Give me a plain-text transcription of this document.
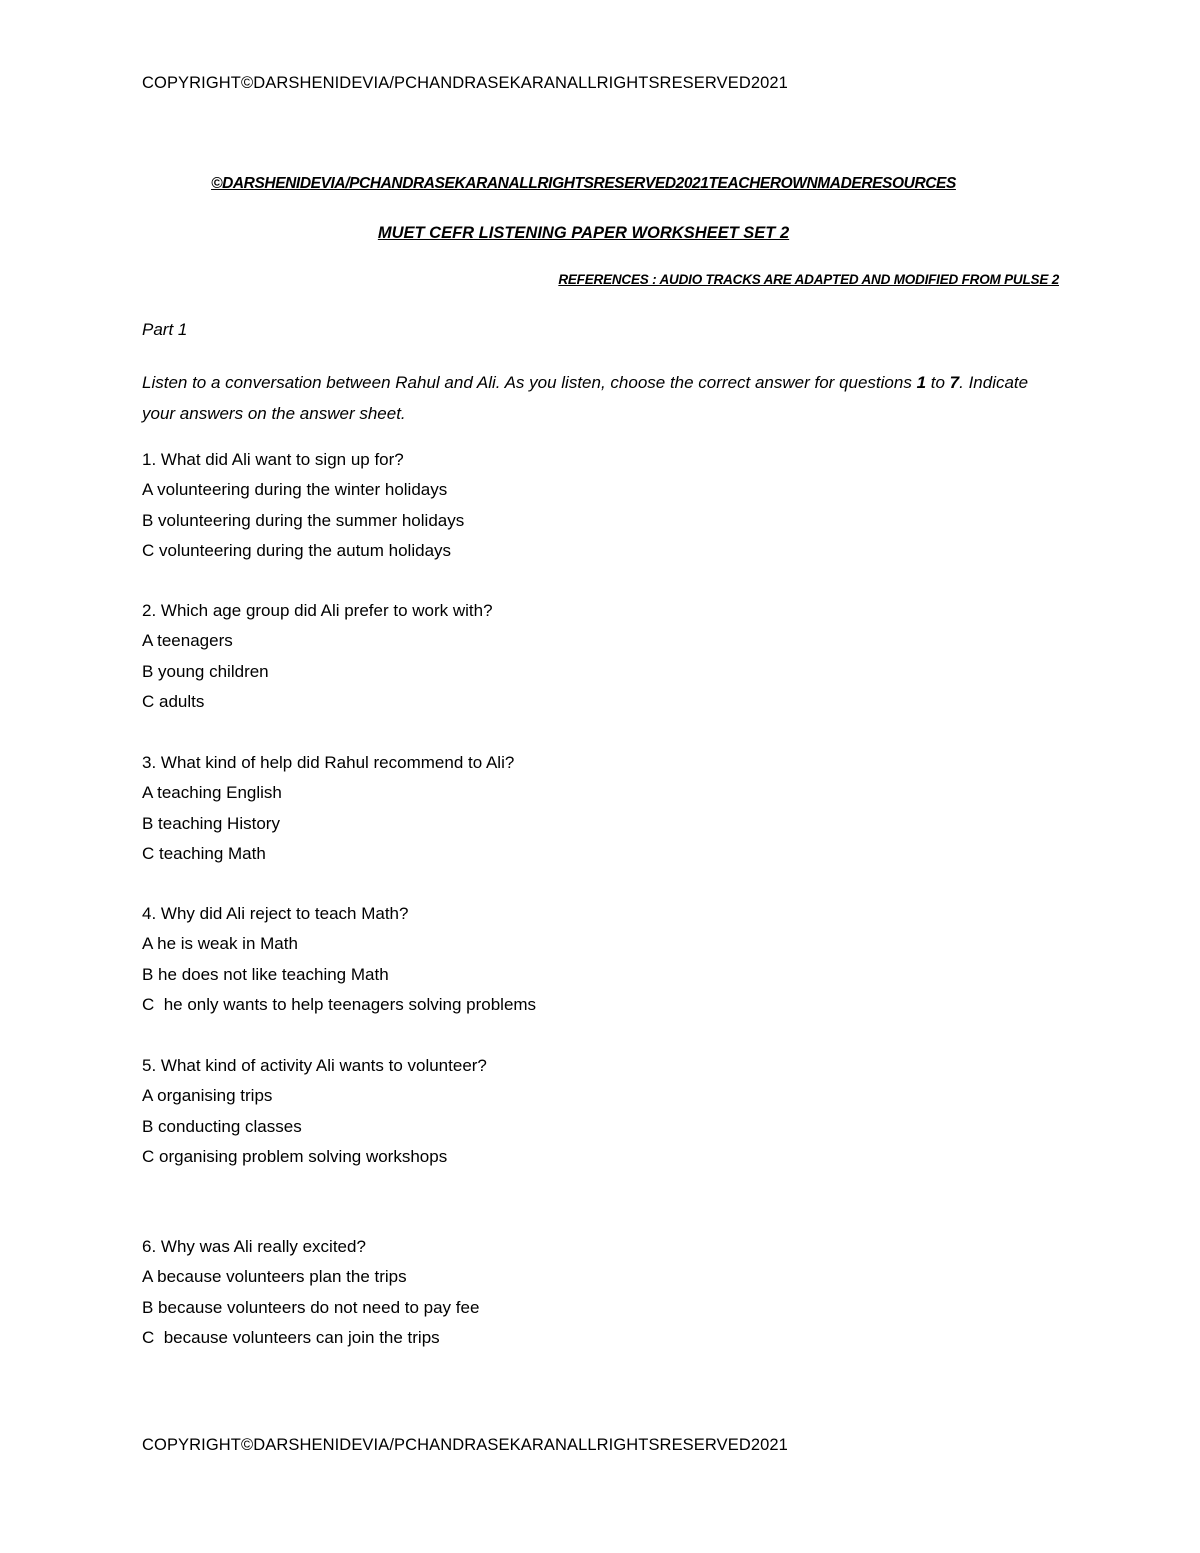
COPYRIGHT©DARSHENIDEVIA/PCHANDRASEKARANALLRIGHTSRESERVED2021
©DARSHENIDEVIA/PCHANDRASEKARANALLRIGHTSRESERVED2021TEACHEROWNMADERESOURCES
MUET CEFR LISTENING PAPER WORKSHEET SET 2
REFERENCES : AUDIO TRACKS ARE ADAPTED AND MODIFIED FROM PULSE 2
Part 1
Listen to a conversation between Rahul and Ali. As you listen, choose the correct answer for questions 1 to 7. Indicate your answers on the answer sheet.
1. What did Ali want to sign up for?
A volunteering during the winter holidays
B volunteering during the summer holidays
C volunteering during the autum holidays
2. Which age group did Ali prefer to work with?
A teenagers
B young children
C adults
3. What kind of help did Rahul recommend to Ali?
A teaching English
B teaching History
C teaching Math
4. Why did Ali reject to teach Math?
A he is weak in Math
B he does not like teaching Math
C  he only wants to help teenagers solving problems
5. What kind of activity Ali wants to volunteer?
A organising trips
B conducting classes
C organising problem solving workshops
6. Why was Ali really excited?
A because volunteers plan the trips
B because volunteers do not need to pay fee
C  because volunteers can join the trips
COPYRIGHT©DARSHENIDEVIA/PCHANDRASEKARANALLRIGHTSRESERVED2021
